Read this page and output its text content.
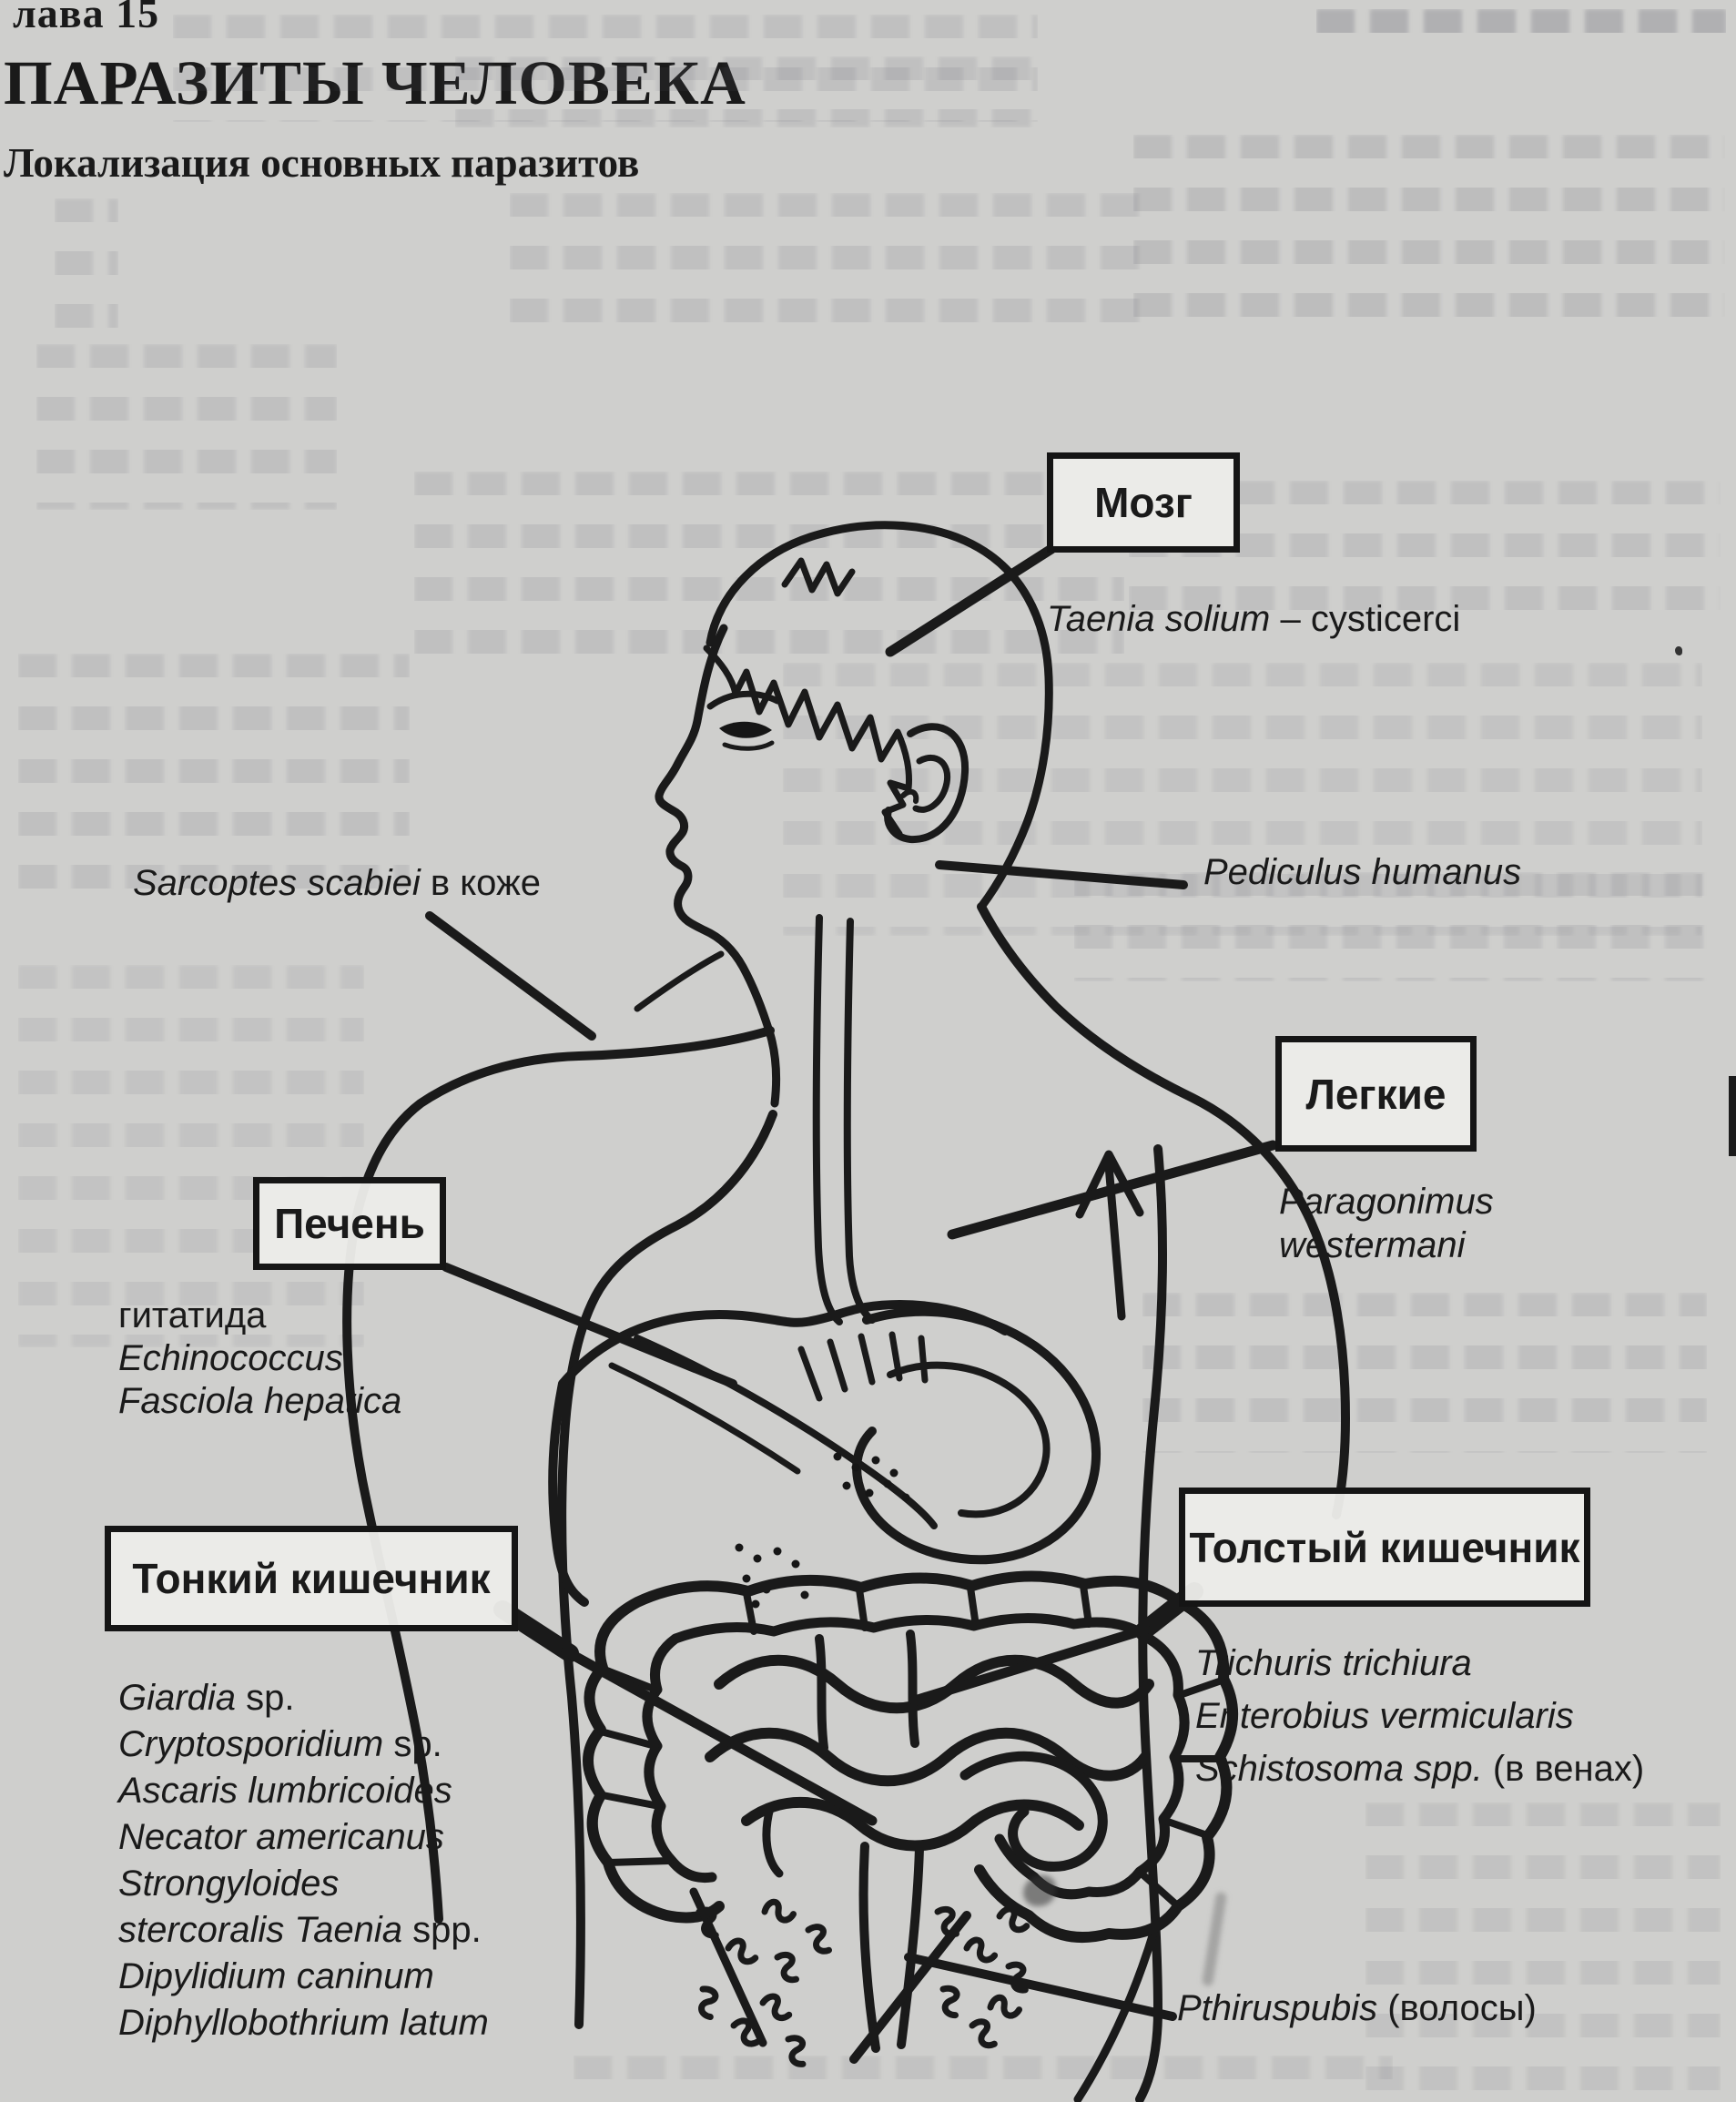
лава 15
ПАРАЗИТЫ ЧЕЛОВЕКА
Локализация основных паразитов
Мозг
Легкие
Печень
Толстый кишечник
Тонкий кишечник
Taenia solium – cysticerci
Pediculus humanus
Sarcoptes scabiei в коже
Paragonimus
westermani
гитатида
Echinococcus
Fasciola hepatica
Trichuris trichiura
Enterobius vermicularis
Schistosoma spp. (в венах)
Giardia sp.
Cryptosporidium sp.
Ascaris lumbricoides
Necator americanus
Strongyloides
stercoralis Taenia spp.
Dipylidium caninum
Diphyllobothrium latum	Pthiruspubis (волосы)
